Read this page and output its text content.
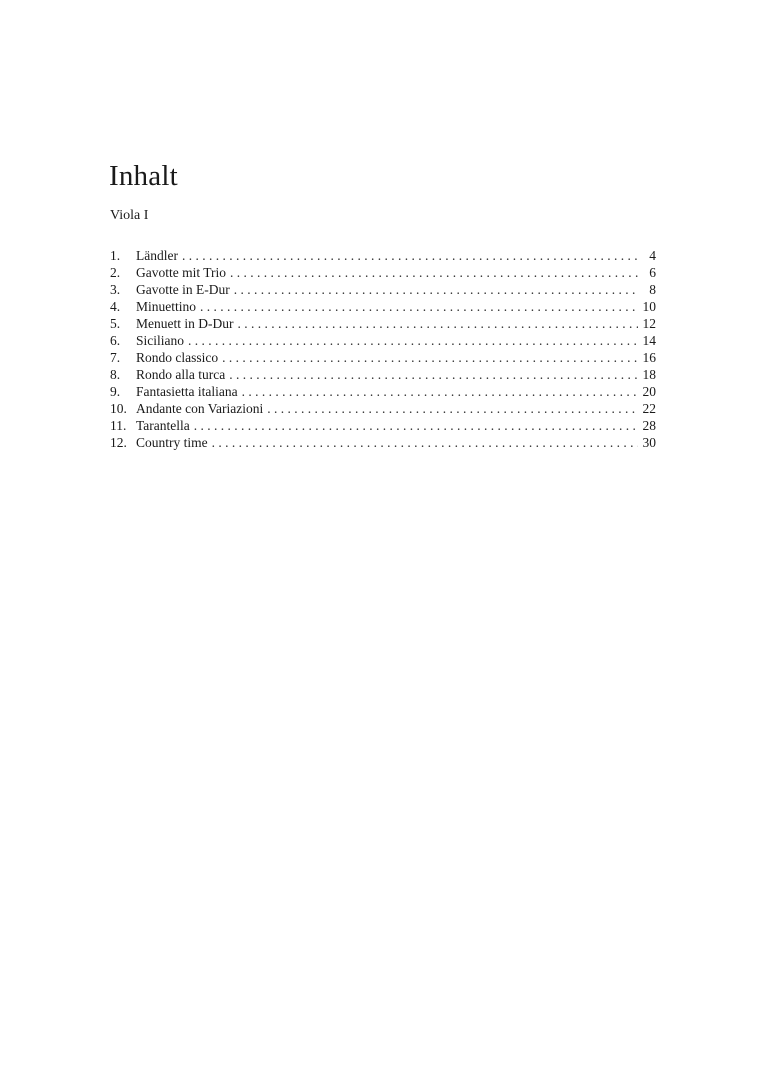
Inhalt

Viola I

1.	Ländler . . .	4
2.	Gavotte mit Trio . . .	6
3.	Gavotte in E-Dur . . .	8
4.	Minuettino . . .	10
5.	Menuett in D-Dur . . .	12
6.	Siciliano . . .	14
7.	Rondo classico . . .	16
8.	Rondo alla turca . . .	18
9.	Fantasietta italiana . . .	20
10. Andante con Variazioni . . .	22
11. Tarantella . . .	28
12. Country time . . .	30
